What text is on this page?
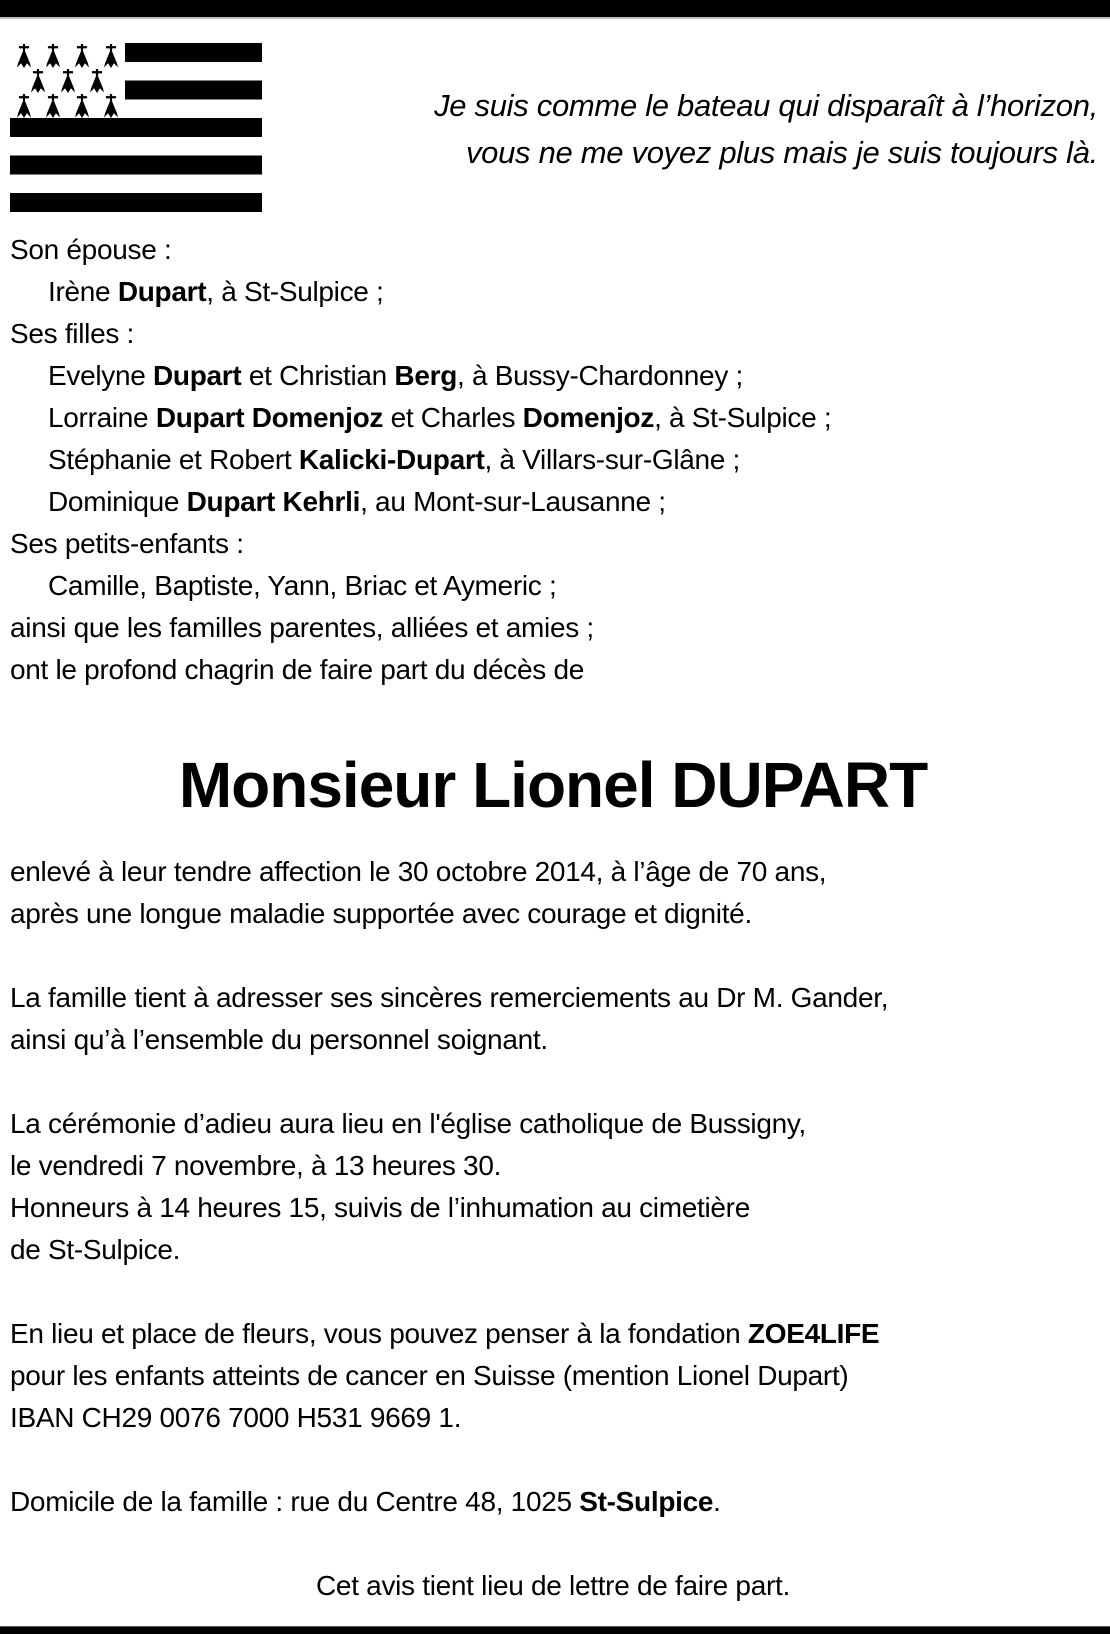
Je suis comme le bateau qui disparaît à l’horizon,
vous ne me voyez plus mais je suis toujours là.
Son épouse :
Irène Dupart, à St-Sulpice ;
Ses filles :
Evelyne Dupart et Christian Berg, à Bussy-Chardonney ;
Lorraine Dupart Domenjoz et Charles Domenjoz, à St-Sulpice ;
Stéphanie et Robert Kalicki-Dupart, à Villars-sur-Glâne ;
Dominique Dupart Kehrli, au Mont-sur-Lausanne ;
Ses petits-enfants :
Camille, Baptiste, Yann, Briac et Aymeric ;
ainsi que les familles parentes, alliées et amies ;
ont le profond chagrin de faire part du décès de
Monsieur Lionel DUPART
enlevé à leur tendre affection le 30 octobre 2014, à l’âge de 70 ans,
après une longue maladie supportée avec courage et dignité.
La famille tient à adresser ses sincères remerciements au Dr M. Gander,
ainsi qu’à l’ensemble du personnel soignant.
La cérémonie d’adieu aura lieu en l'église catholique de Bussigny,
le vendredi 7 novembre, à 13 heures 30.
Honneurs à 14 heures 15, suivis de l’inhumation au cimetière
de St-Sulpice.
En lieu et place de fleurs, vous pouvez penser à la fondation ZOE4LIFE
pour les enfants atteints de cancer en Suisse (mention Lionel Dupart)
IBAN CH29 0076 7000 H531 9669 1.
Domicile de la famille : rue du Centre 48, 1025 St-Sulpice.
Cet avis tient lieu de lettre de faire part.
